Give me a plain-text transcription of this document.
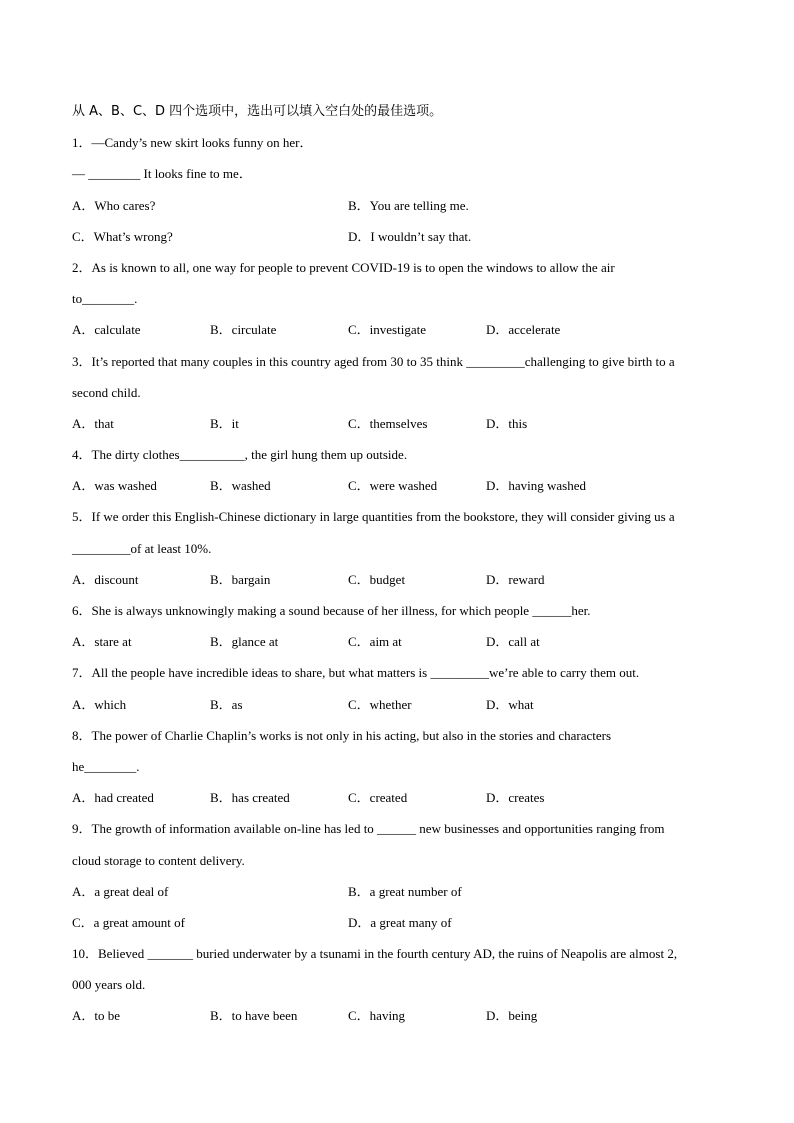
从 A、B、C、D 四个选项中，选出可以填入空白处的最佳选项。
1．—Candy’s new skirt looks funny on her．
— ________ It looks fine to me．
A．Who cares?	B．You are telling me.
C．What’s wrong?	D．I wouldn’t say that.
2．As is known to all, one way for people to prevent COVID-19 is to open the windows to allow the air
to________.
A．calculate	B．circulate	C．investigate	D．accelerate
3．It’s reported that many couples in this country aged from 30 to 35 think _________challenging to give birth to a
second child.
A．that	B．it	C．themselves	D．this
4．The dirty clothes__________, the girl hung them up outside.
A．was washed	B．washed	C．were washed	D．having washed
5．If we order this English-Chinese dictionary in large quantities from the bookstore, they will consider giving us a
_________of at least 10%.
A．discount	B．bargain	C．budget	D．reward
6．She is always unknowingly making a sound because of her illness, for which people ______her.
A．stare at	B．glance at	C．aim at	D．call at
7．All the people have incredible ideas to share, but what matters is _________we’re able to carry them out.
A．which	B．as	C．whether	D．what
8．The power of Charlie Chaplin’s works is not only in his acting, but also in the stories and characters
he________.
A．had created	B．has created	C．created	D．creates
9．The growth of information available on-line has led to ______ new businesses and opportunities ranging from
cloud storage to content delivery.
A．a great deal of	B．a great number of
C．a great amount of	D．a great many of
10．Believed _______ buried underwater by a tsunami in the fourth century AD, the ruins of Neapolis are almost 2,
000 years old.
A．to be	B．to have been	C．having	D．being
